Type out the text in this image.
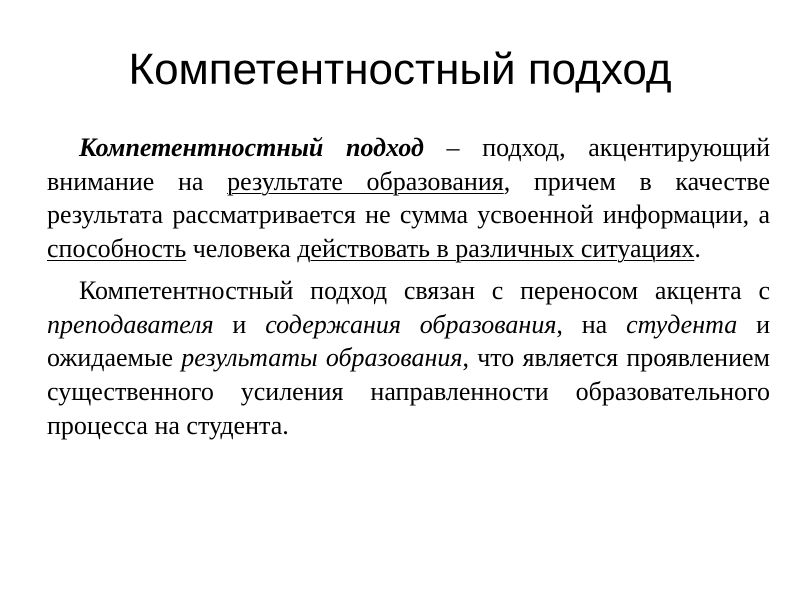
Компетентностный подход

Компетентностный подход – подход, акцентирующий внимание на результате образования, причем в качестве результата рассматривается не сумма усвоенной информации, а способность человека действовать в различных ситуациях.

Компетентностный подход связан с переносом акцента с преподавателя и содержания образования, на студента и ожидаемые результаты образования, что является проявлением существенного усиления направленности образовательного процесса на студента.
